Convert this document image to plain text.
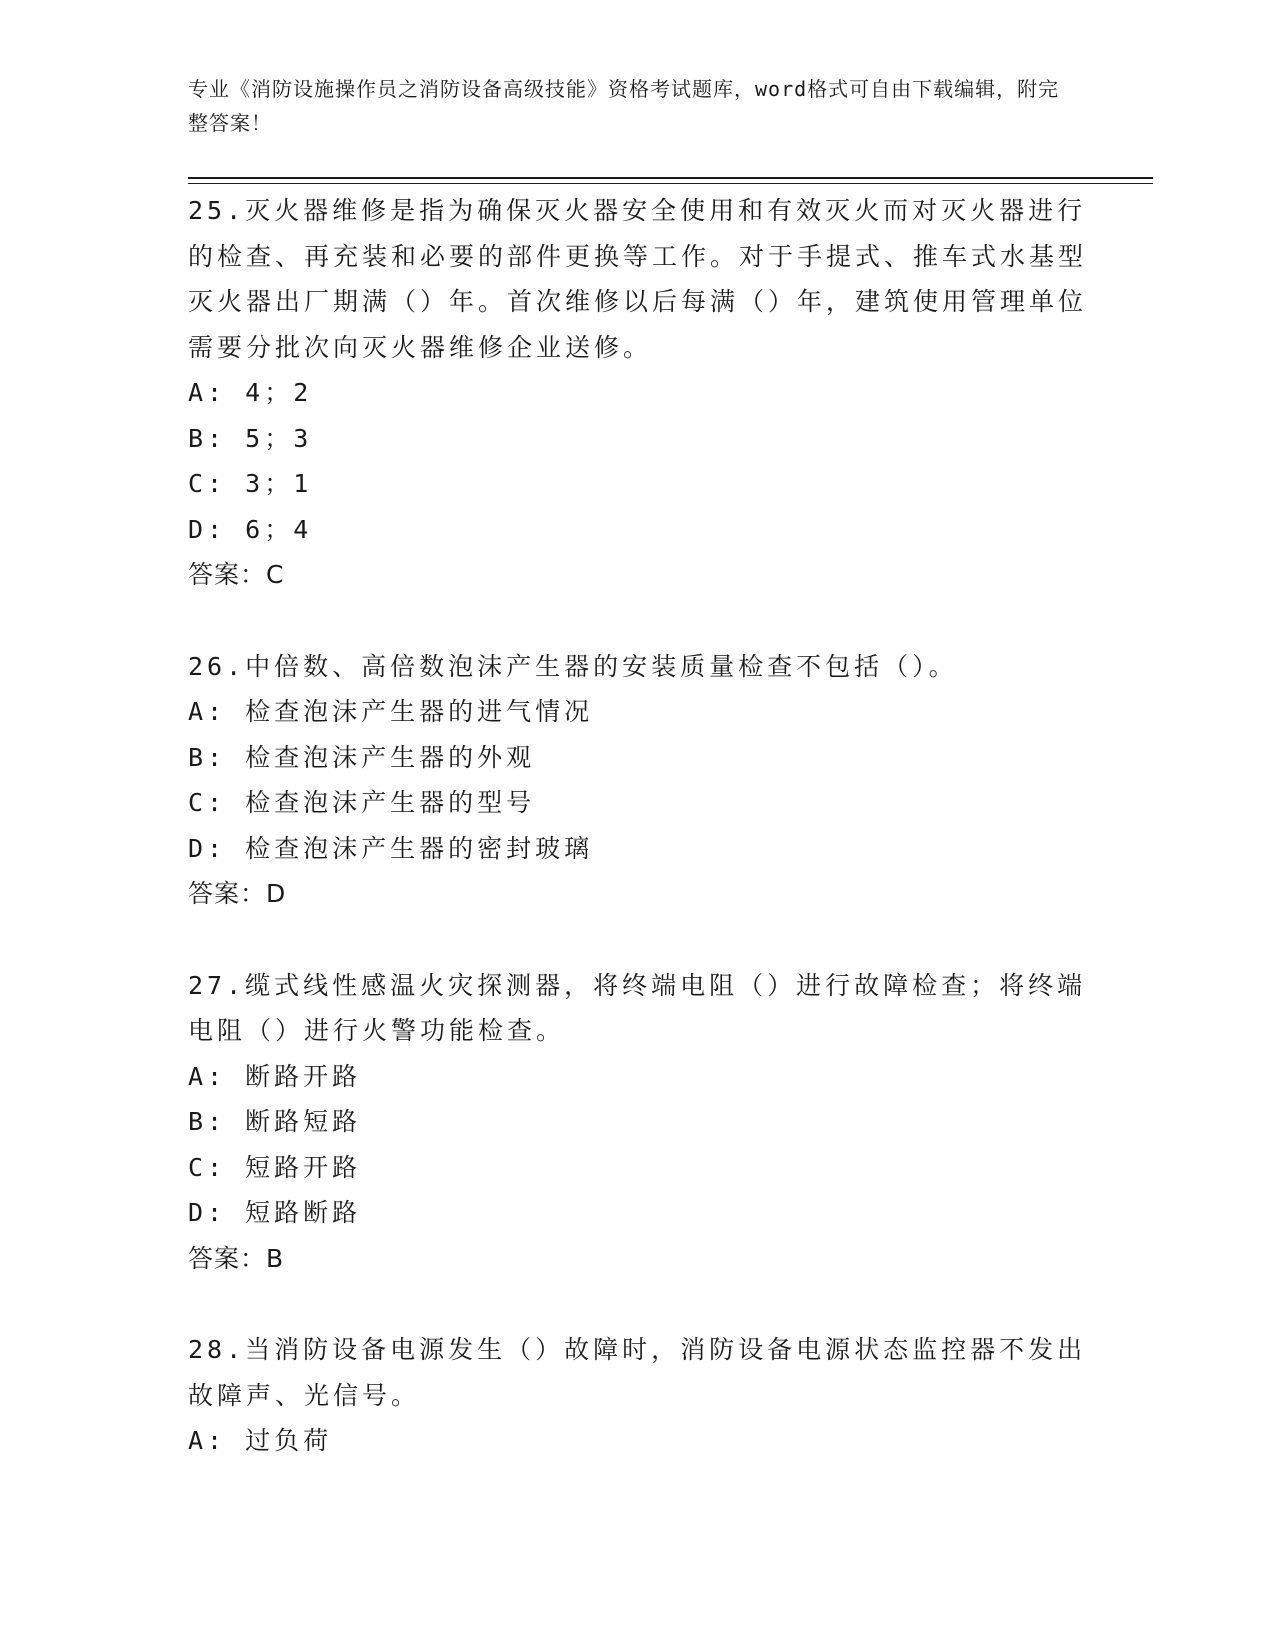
专业《消防设施操作员之消防设备高级技能》资格考试题库，word格式可自由下载编辑，附完整答案！

25.灭火器维修是指为确保灭火器安全使用和有效灭火而对灭火器进行的检查、再充装和必要的部件更换等工作。对于手提式、推车式水基型灭火器出厂期满（）年。首次维修以后每满（）年，建筑使用管理单位需要分批次向灭火器维修企业送修。

A: 4；2

B: 5；3

C: 3；1

D: 6；4

答案：C

26.中倍数、高倍数泡沫产生器的安装质量检查不包括（）。

A: 检查泡沫产生器的进气情况

B: 检查泡沫产生器的外观

C: 检查泡沫产生器的型号

D: 检查泡沫产生器的密封玻璃

答案：D

27.缆式线性感温火灾探测器，将终端电阻（）进行故障检查；将终端电阻（）进行火警功能检查。

A: 断路开路

B: 断路短路

C: 短路开路

D: 短路断路

答案：B

28.当消防设备电源发生（）故障时，消防设备电源状态监控器不发出故障声、光信号。

A: 过负荷
